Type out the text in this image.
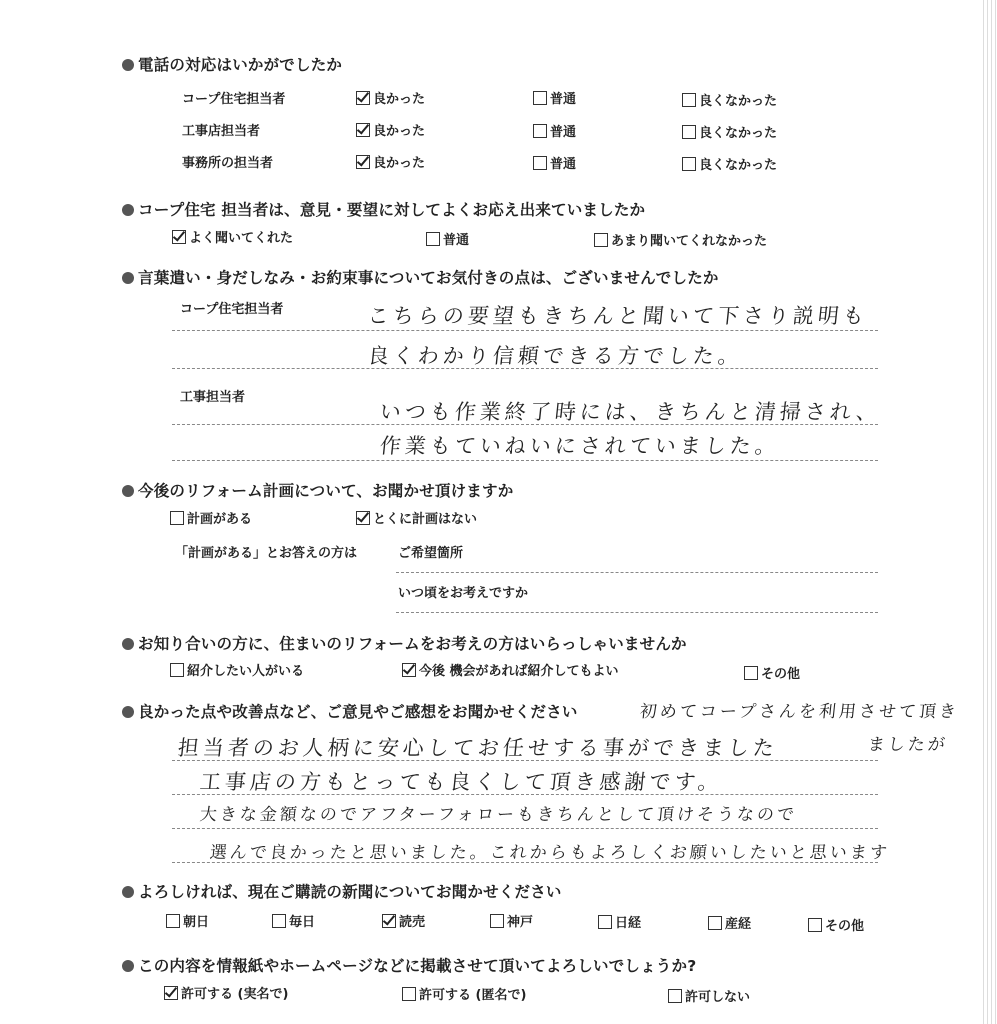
電話の対応はいかがでしたか
コープ住宅担当者	良かった	普通	良くなかった
工事店担当者	良かった	普通	良くなかった
事務所の担当者	良かった	普通	良くなかった
コープ住宅 担当者は、意見・要望に対してよくお応え出来ていましたか
よく聞いてくれた	普通	あまり聞いてくれなかった
言葉遣い・身だしなみ・お約束事についてお気付きの点は、ございませんでしたか
コープ住宅担当者	こちらの要望もきちんと聞いて下さり説明も
良くわかり信頼できる方でした。
工事担当者
いつも作業終了時には、きちんと清掃され、
作業もていねいにされていました。
今後のリフォーム計画について、お聞かせ頂けますか
計画がある	とくに計画はない
「計画がある」とお答えの方は	ご希望箇所
いつ頃をお考えですか
お知り合いの方に、住まいのリフォームをお考えの方はいらっしゃいませんか
紹介したい人がいる	今後 機会があれば紹介してもよい	その他
良かった点や改善点など、ご意見やご感想をお聞かせください	初めてコープさんを利用させて頂き
ましたが
担当者のお人柄に安心してお任せする事ができました
工事店の方もとっても良くして頂き感謝です。
大きな金額なのでアフターフォローもきちんとして頂けそうなので
選んで良かったと思いました。これからもよろしくお願いしたいと思います
よろしければ、現在ご購読の新聞についてお聞かせください
朝日	毎日	読売	神戸	日経	産経	その他
この内容を情報紙やホームページなどに掲載させて頂いてよろしいでしょうか?
許可する (実名で)	許可する (匿名で)	許可しない
